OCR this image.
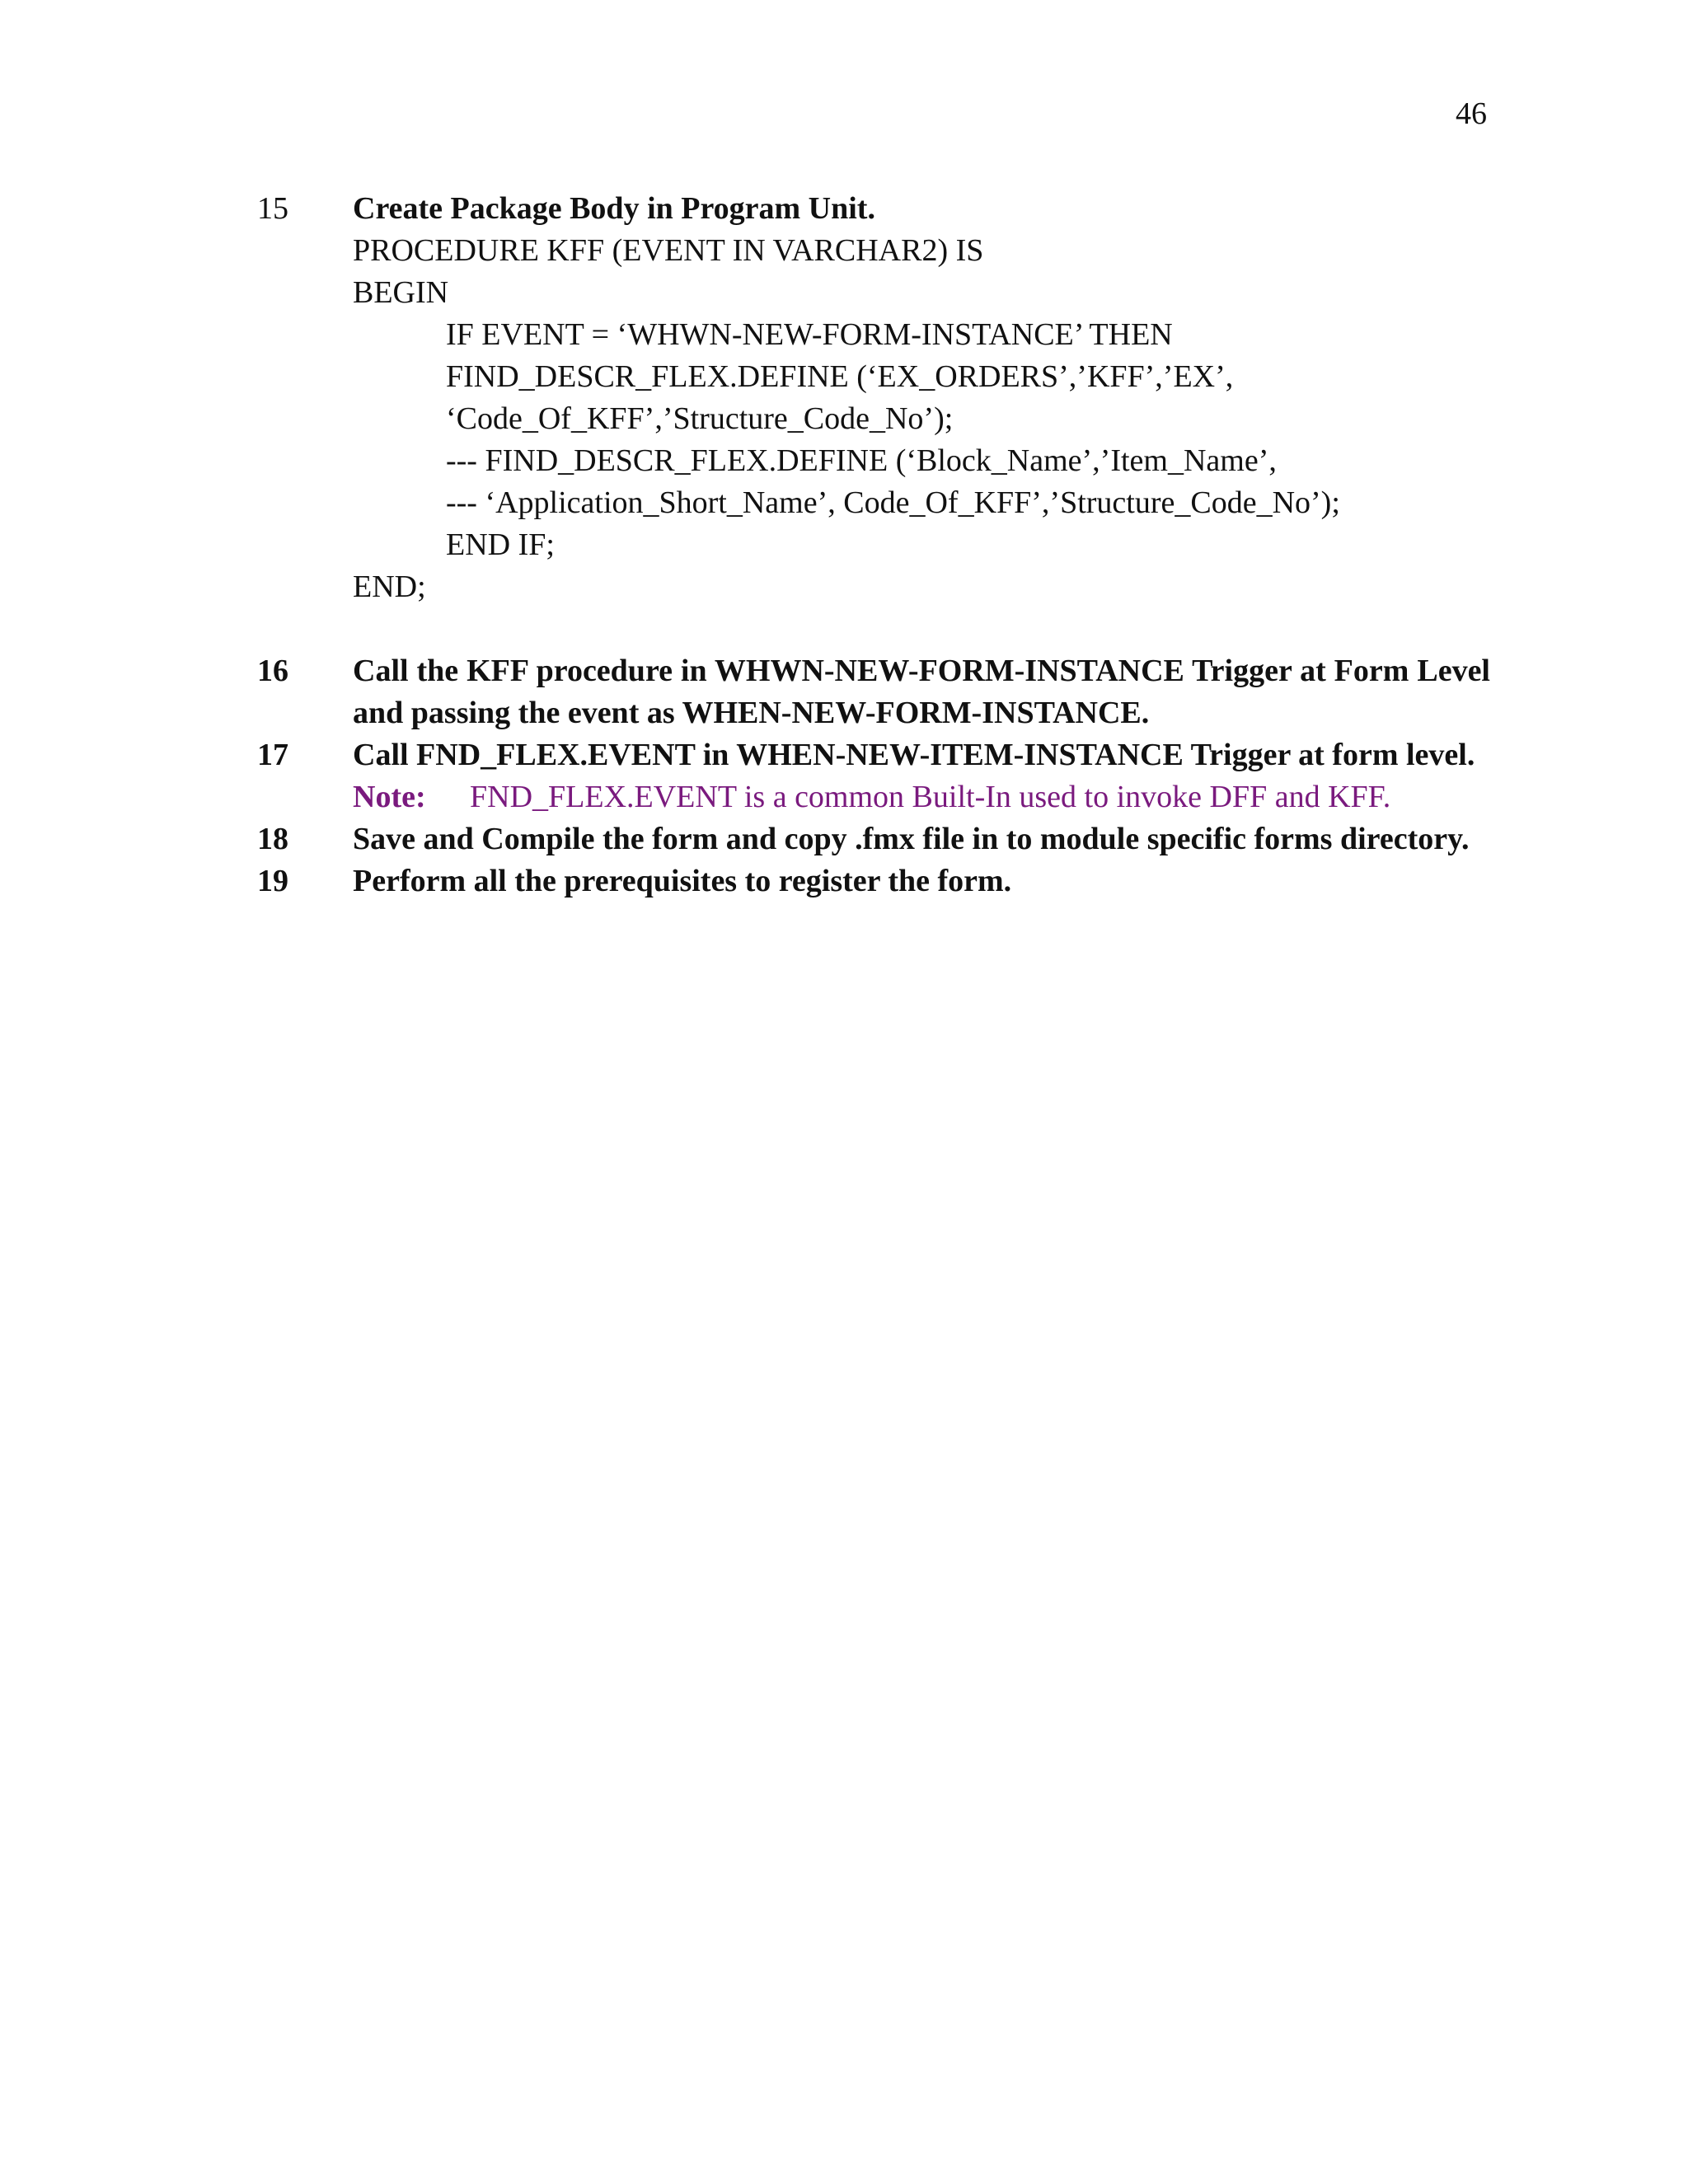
46
15	Create Package Body in Program Unit.
PROCEDURE KFF (EVENT IN VARCHAR2) IS
BEGIN
IF EVENT = ‘WHWN-NEW-FORM-INSTANCE’ THEN
FIND_DESCR_FLEX.DEFINE (‘EX_ORDERS’,’KFF’,’EX’,
‘Code_Of_KFF’,’Structure_Code_No’);
--- FIND_DESCR_FLEX.DEFINE (‘Block_Name’,’Item_Name’,
--- ‘Application_Short_Name’, Code_Of_KFF’,’Structure_Code_No’);
END IF;
END;
16	Call the KFF procedure in WHWN-NEW-FORM-INSTANCE Trigger at Form Level and passing the event as WHEN-NEW-FORM-INSTANCE.
17	Call FND_FLEX.EVENT in WHEN-NEW-ITEM-INSTANCE Trigger at form level.
Note: FND_FLEX.EVENT is a common Built-In used to invoke DFF and KFF.
18	Save and Compile the form and copy .fmx file in to module specific forms directory.
19	Perform all the prerequisites to register the form.
